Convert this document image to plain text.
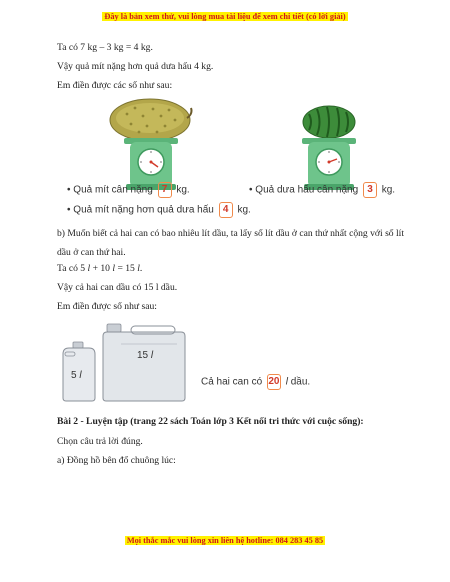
Đây là bản xem thử, vui lòng mua tài liệu để xem chi tiết (có lời giải)
Ta có 7 kg – 3 kg = 4 kg.
Vậy quả mít nặng hơn quả dưa hấu 4 kg.
Em điền được các số như sau:
• Quả mít cân nặng 7 kg.	• Quả dưa hấu cân nặng 3 kg.
• Quả mít nặng hơn quả dưa hấu 4 kg.
b) Muốn biết cả hai can có bao nhiêu lít dầu, ta lấy số lít dầu ở can thứ nhất cộng với số lít dầu ở can thứ hai.
Ta có 5 l + 10 l = 15 l.
Vậy cả hai can dầu có 15 l dầu.
Em điền được số như sau:
5 l
15 l
Cả hai can có 20 l dầu.
Bài 2 - Luyện tập (trang 22 sách Toán lớp 3 Kết nối tri thức với cuộc sống):
Chọn câu trả lời đúng.
a) Đồng hồ bên đổ chuông lúc:
Mọi thắc mắc vui lòng xin liên hệ hotline: 084 283 45 85
